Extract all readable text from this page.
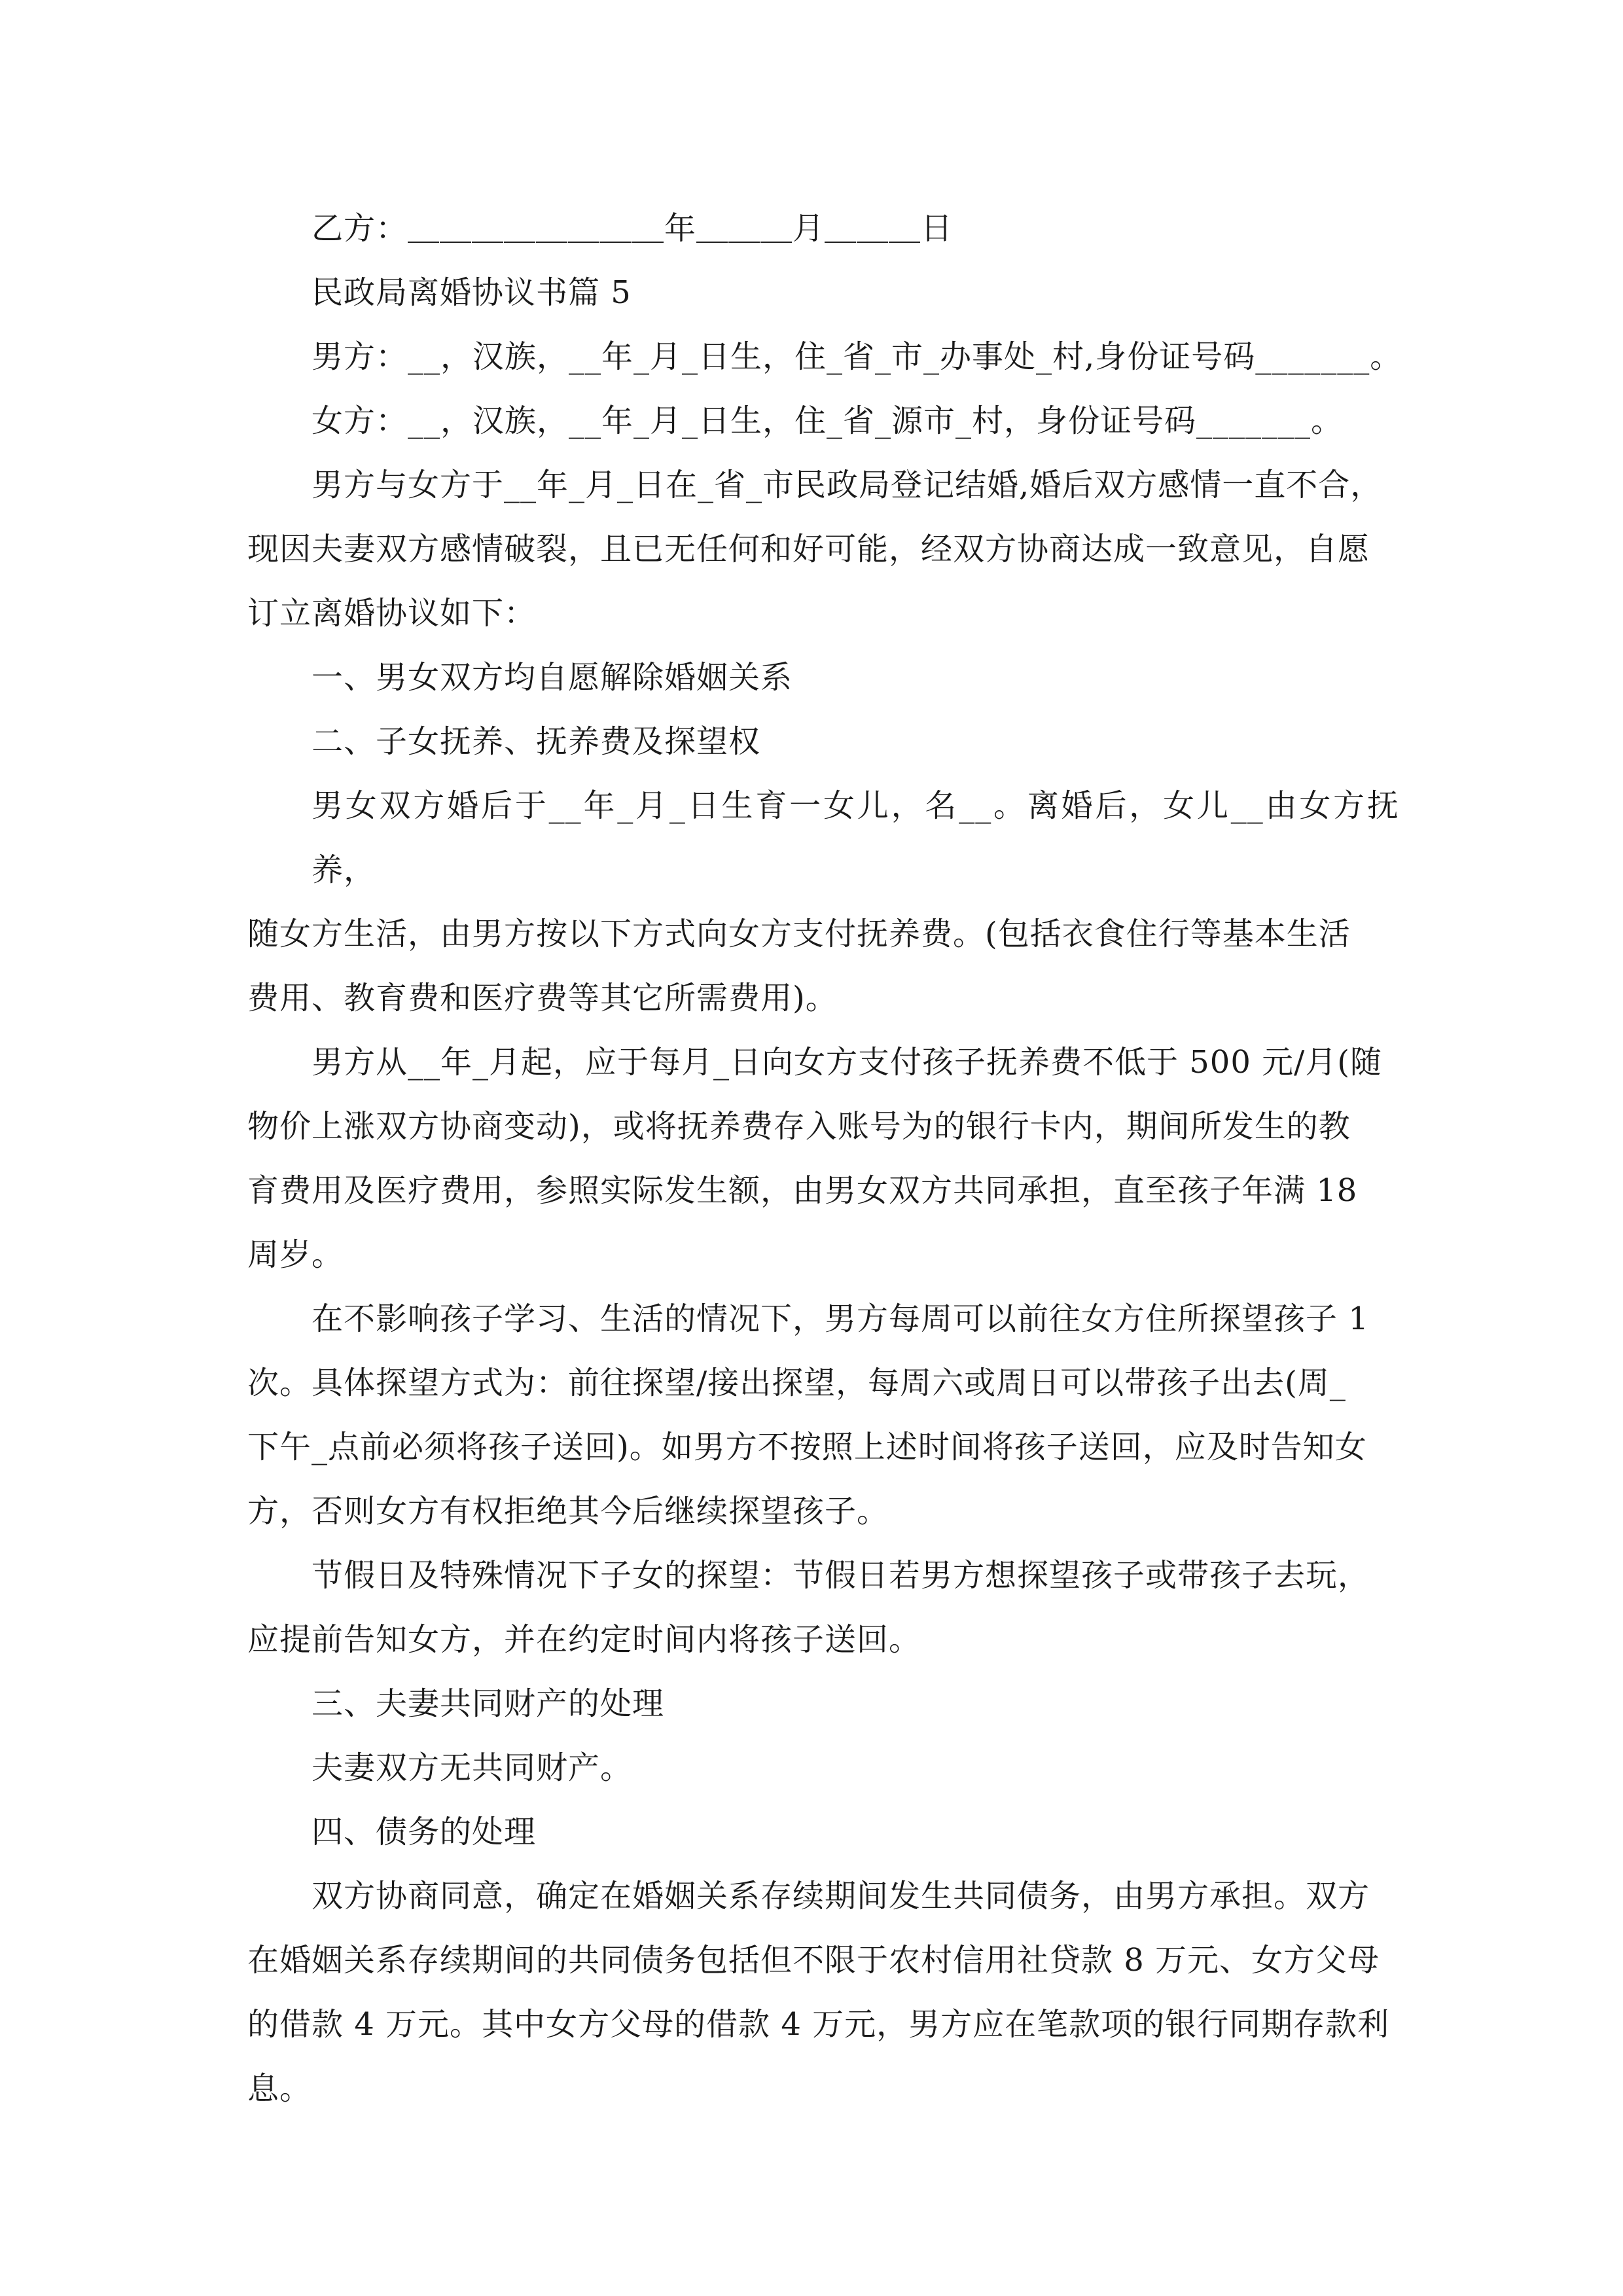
乙方：＿＿＿＿＿＿＿＿年＿＿＿月＿＿＿日

民政局离婚协议书篇 5

男方：__，汉族，__年_月_日生，住_省_市_办事处_村,身份证号码_______。

女方：__，汉族，__年_月_日生，住_省_源市_村，身份证号码_______。

男方与女方于__年_月_日在_省_市民政局登记结婚,婚后双方感情一直不合，
现因夫妻双方感情破裂，且已无任何和好可能，经双方协商达成一致意见，自愿
订立离婚协议如下：

一、男女双方均自愿解除婚姻关系

二、子女抚养、抚养费及探望权

男女双方婚后于__年_月_日生育一女儿，名__。离婚后，女儿__由女方抚养，
随女方生活，由男方按以下方式向女方支付抚养费。(包括衣食住行等基本生活
费用、教育费和医疗费等其它所需费用)。
男方从__年_月起，应于每月_日向女方支付孩子抚养费不低于 500 元/月(随
物价上涨双方协商变动)，或将抚养费存入账号为的银行卡内，期间所发生的教
育费用及医疗费用，参照实际发生额，由男女双方共同承担，直至孩子年满 18
周岁。
在不影响孩子学习、生活的情况下，男方每周可以前往女方住所探望孩子 1
次。具体探望方式为：前往探望/接出探望，每周六或周日可以带孩子出去(周_
下午_点前必须将孩子送回)。如男方不按照上述时间将孩子送回，应及时告知女
方，否则女方有权拒绝其今后继续探望孩子。
节假日及特殊情况下子女的探望：节假日若男方想探望孩子或带孩子去玩，
应提前告知女方，并在约定时间内将孩子送回。

三、夫妻共同财产的处理

夫妻双方无共同财产。

四、债务的处理

双方协商同意，确定在婚姻关系存续期间发生共同债务，由男方承担。双方
在婚姻关系存续期间的共同债务包括但不限于农村信用社贷款 8 万元、女方父母
的借款 4 万元。其中女方父母的借款 4 万元，男方应在笔款项的银行同期存款利
息。
